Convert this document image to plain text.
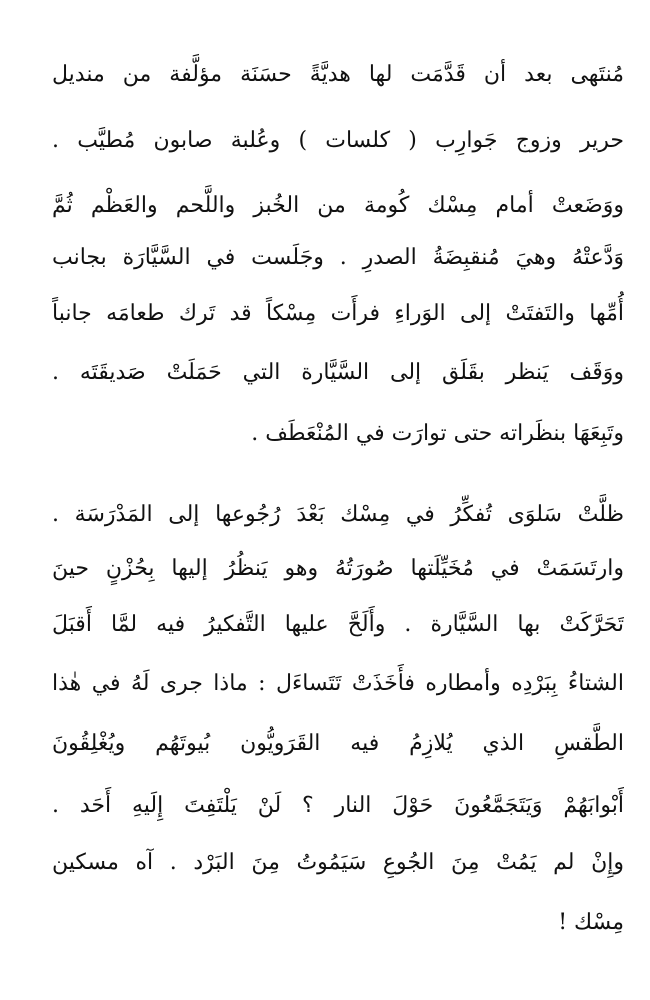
مُنتَهى بعد أن قَدَّمَت لها هديَّةً حسَنَة مؤلَّفة من منديل
حرير وزوج جَوارِب ( كلسات ) وعُلبة صابون مُطيَّب .
ووَضَعتْ أمام مِسْك كُومة من الخُبز واللَّحم والعَظْم ثُمَّ
وَدَّعتْهُ وهيَ مُنقبِضَةُ الصدرِ . وجَلَست في السَّيَّارَة بجانب
أُمِّها والتَفتَتْ إلى الوَراءِ فرأَت مِسْكاً قد تَرك طعامَه جانباً
ووَقَف يَنظر بقَلَق إلى السَّيَّارة التي حَمَلَتْ صَديقَتَه .
وتَبِعَهَا بنظَراته حتى توارَت في المُنْعَطَف .
ظلَّتْ سَلوَى تُفكِّرُ في مِسْك بَعْدَ رُجُوعها إلى المَدْرَسَة .
وارتَسَمَتْ في مُخَيِّلَتها صُورَتُهُ وهو يَنظُرُ إليها بِحُزْنٍ حينَ
تَحَرَّكَتْ بها السَّيَّارة . وأَلَحَّ عليها التَّفكيرُ فيه لمَّا أَقبَلَ
الشتاءُ بِبَرْدِه وأمطاره فأَخَذَتْ تَتَساءَل : ماذا جرى لَهُ في هٰذا
الطَّقسِ الذي يُلازِمُ فيه القَرَويُّون بُيوتَهُم ويُغْلِقُونَ
أَبْوابَهُمْ وَيَتَجَمَّعُونَ حَوْلَ النار ؟ لَنْ يَلْتَفِتَ إِلَيهِ أَحَد .
وإِنْ لم يَمُتْ مِنَ الجُوعِ سَيَمُوتُ مِنَ البَرْد . آه مسكين
مِسْك !
